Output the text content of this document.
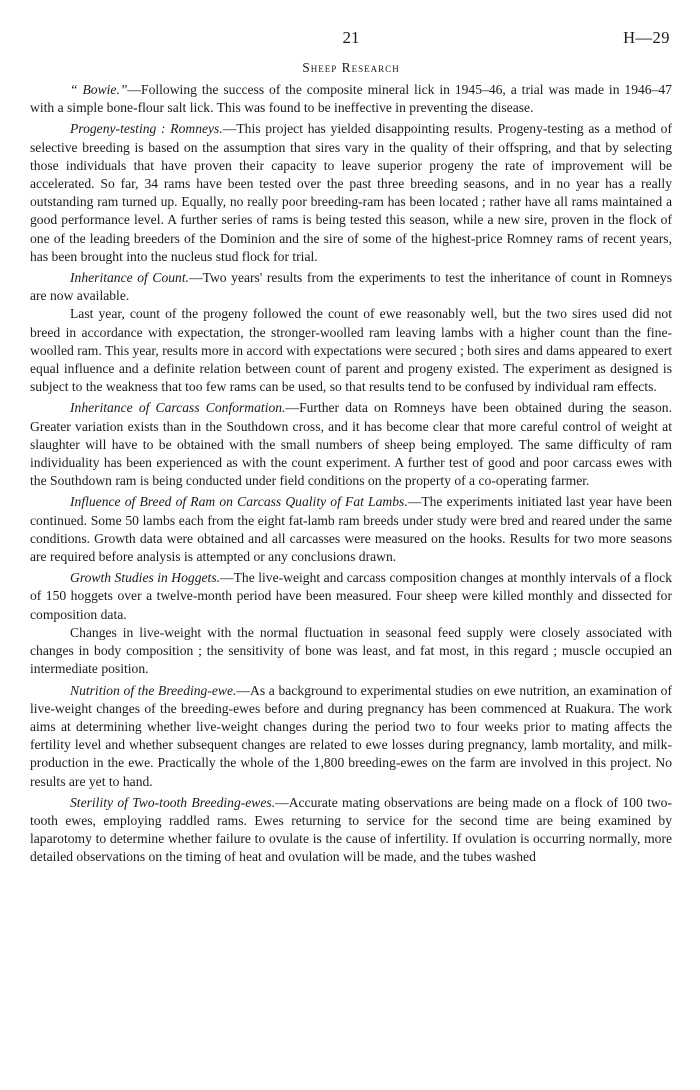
21	H—29
Sheep Research

“ Bowie.”—Following the success of the composite mineral lick in 1945–46, a trial was made in 1946–47 with a simple bone-flour salt lick. This was found to be ineffective in preventing the disease.

Progeny-testing : Romneys.—This project has yielded disappointing results. Progeny-testing as a method of selective breeding is based on the assumption that sires vary in the quality of their offspring, and that by selecting those individuals that have proven their capacity to leave superior progeny the rate of improvement will be accelerated. So far, 34 rams have been tested over the past three breeding seasons, and in no year has a really outstanding ram turned up. Equally, no really poor breeding-ram has been located ; rather have all rams maintained a good performance level. A further series of rams is being tested this season, while a new sire, proven in the flock of one of the leading breeders of the Dominion and the sire of some of the highest-price Romney rams of recent years, has been brought into the nucleus stud flock for trial.

Inheritance of Count.—Two years' results from the experiments to test the inheritance of count in Romneys are now available.

Last year, count of the progeny followed the count of ewe reasonably well, but the two sires used did not breed in accordance with expectation, the stronger-woolled ram leaving lambs with a higher count than the fine-woolled ram. This year, results more in accord with expectations were secured ; both sires and dams appeared to exert equal influence and a definite relation between count of parent and progeny existed. The experiment as designed is subject to the weakness that too few rams can be used, so that results tend to be confused by individual ram effects.

Inheritance of Carcass Conformation.—Further data on Romneys have been obtained during the season. Greater variation exists than in the Southdown cross, and it has become clear that more careful control of weight at slaughter will have to be obtained with the small numbers of sheep being employed. The same difficulty of ram individuality has been experienced as with the count experiment. A further test of good and poor carcass ewes with the Southdown ram is being conducted under field conditions on the property of a co-operating farmer.

Influence of Breed of Ram on Carcass Quality of Fat Lambs.—The experiments initiated last year have been continued. Some 50 lambs each from the eight fat-lamb ram breeds under study were bred and reared under the same conditions. Growth data were obtained and all carcasses were measured on the hooks. Results for two more seasons are required before analysis is attempted or any conclusions drawn.

Growth Studies in Hoggets.—The live-weight and carcass composition changes at monthly intervals of a flock of 150 hoggets over a twelve-month period have been measured. Four sheep were killed monthly and dissected for composition data.

Changes in live-weight with the normal fluctuation in seasonal feed supply were closely associated with changes in body composition ; the sensitivity of bone was least, and fat most, in this regard ; muscle occupied an intermediate position.

Nutrition of the Breeding-ewe.—As a background to experimental studies on ewe nutrition, an examination of live-weight changes of the breeding-ewes before and during pregnancy has been commenced at Ruakura. The work aims at determining whether live-weight changes during the period two to four weeks prior to mating affects the fertility level and whether subsequent changes are related to ewe losses during pregnancy, lamb mortality, and milk-production in the ewe. Practically the whole of the 1,800 breeding-ewes on the farm are involved in this project. No results are yet to hand.

Sterility of Two-tooth Breeding-ewes.—Accurate mating observations are being made on a flock of 100 two-tooth ewes, employing raddled rams. Ewes returning to service for the second time are being examined by laparotomy to determine whether failure to ovulate is the cause of infertility. If ovulation is occurring normally, more detailed observations on the timing of heat and ovulation will be made, and the tubes washed
